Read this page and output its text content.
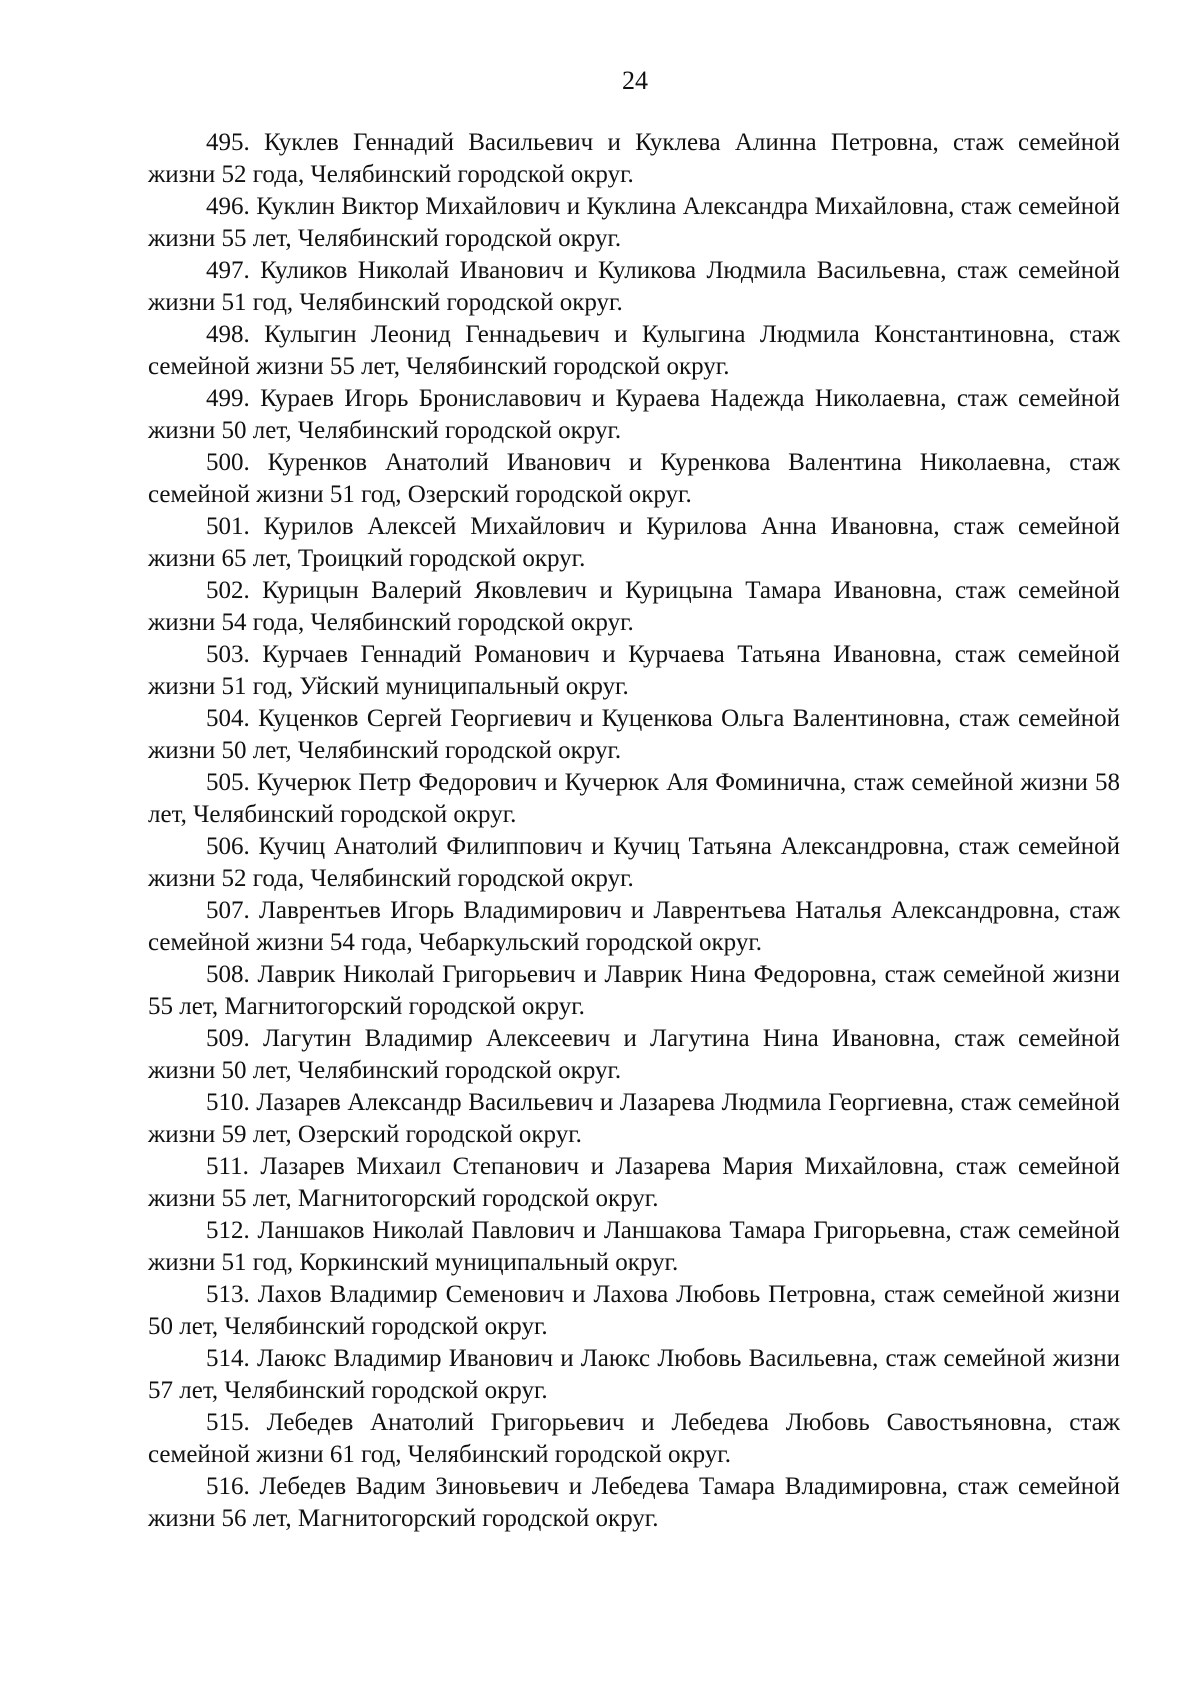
24
495. Куклев Геннадий Васильевич и Куклева Алинна Петровна, стаж семейной жизни 52 года, Челябинский городской округ.
496. Куклин Виктор Михайлович и Куклина Александра Михайловна, стаж семейной жизни 55 лет, Челябинский городской округ.
497. Куликов Николай Иванович и Куликова Людмила Васильевна, стаж семейной жизни 51 год, Челябинский городской округ.
498. Кулыгин Леонид Геннадьевич и Кулыгина Людмила Константиновна, стаж семейной жизни 55 лет, Челябинский городской округ.
499. Кураев Игорь Брониславович и Кураева Надежда Николаевна, стаж семейной жизни 50 лет, Челябинский городской округ.
500. Куренков Анатолий Иванович и Куренкова Валентина Николаевна, стаж семейной жизни 51 год, Озерский городской округ.
501. Курилов Алексей Михайлович и Курилова Анна Ивановна, стаж семейной жизни 65 лет, Троицкий городской округ.
502. Курицын Валерий Яковлевич и Курицына Тамара Ивановна, стаж семейной жизни 54 года, Челябинский городской округ.
503. Курчаев Геннадий Романович и Курчаева Татьяна Ивановна, стаж семейной жизни 51 год, Уйский муниципальный округ.
504. Куценков Сергей Георгиевич и Куценкова Ольга Валентиновна, стаж семейной жизни 50 лет, Челябинский городской округ.
505. Кучерюк Петр Федорович и Кучерюк Аля Фоминична, стаж семейной жизни 58 лет, Челябинский городской округ.
506. Кучиц Анатолий Филиппович и Кучиц Татьяна Александровна, стаж семейной жизни 52 года, Челябинский городской округ.
507. Лаврентьев Игорь Владимирович и Лаврентьева Наталья Александровна, стаж семейной жизни 54 года, Чебаркульский городской округ.
508. Лаврик Николай Григорьевич и Лаврик Нина Федоровна, стаж семейной жизни 55 лет, Магнитогорский городской округ.
509. Лагутин Владимир Алексеевич и Лагутина Нина Ивановна, стаж семейной жизни 50 лет, Челябинский городской округ.
510. Лазарев Александр Васильевич и Лазарева Людмила Георгиевна, стаж семейной жизни 59 лет, Озерский городской округ.
511. Лазарев Михаил Степанович и Лазарева Мария Михайловна, стаж семейной жизни 55 лет, Магнитогорский городской округ.
512. Ланшаков Николай Павлович и Ланшакова Тамара Григорьевна, стаж семейной жизни 51 год, Коркинский муниципальный округ.
513. Лахов Владимир Семенович и Лахова Любовь Петровна, стаж семейной жизни 50 лет, Челябинский городской округ.
514. Лаюкс Владимир Иванович и Лаюкс Любовь Васильевна, стаж семейной жизни 57 лет, Челябинский городской округ.
515. Лебедев Анатолий Григорьевич и Лебедева Любовь Савостьяновна, стаж семейной жизни 61 год, Челябинский городской округ.
516. Лебедев Вадим Зиновьевич и Лебедева Тамара Владимировна, стаж семейной жизни 56 лет, Магнитогорский городской округ.
